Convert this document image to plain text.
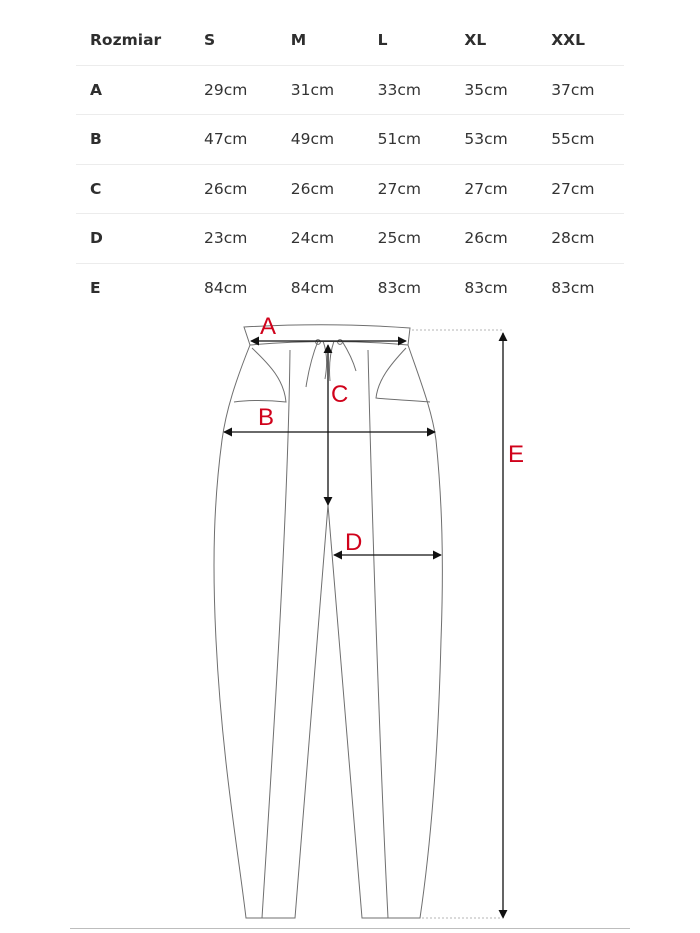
Rozmiar	S	M	L	XL	XXL
A	29cm	31cm	33cm	35cm	37cm
B	47cm	49cm	51cm	53cm	55cm
C	26cm	26cm	27cm	27cm	27cm
D	23cm	24cm	25cm	26cm	28cm
E	84cm	84cm	83cm	83cm	83cm
A
B
C
D
E
